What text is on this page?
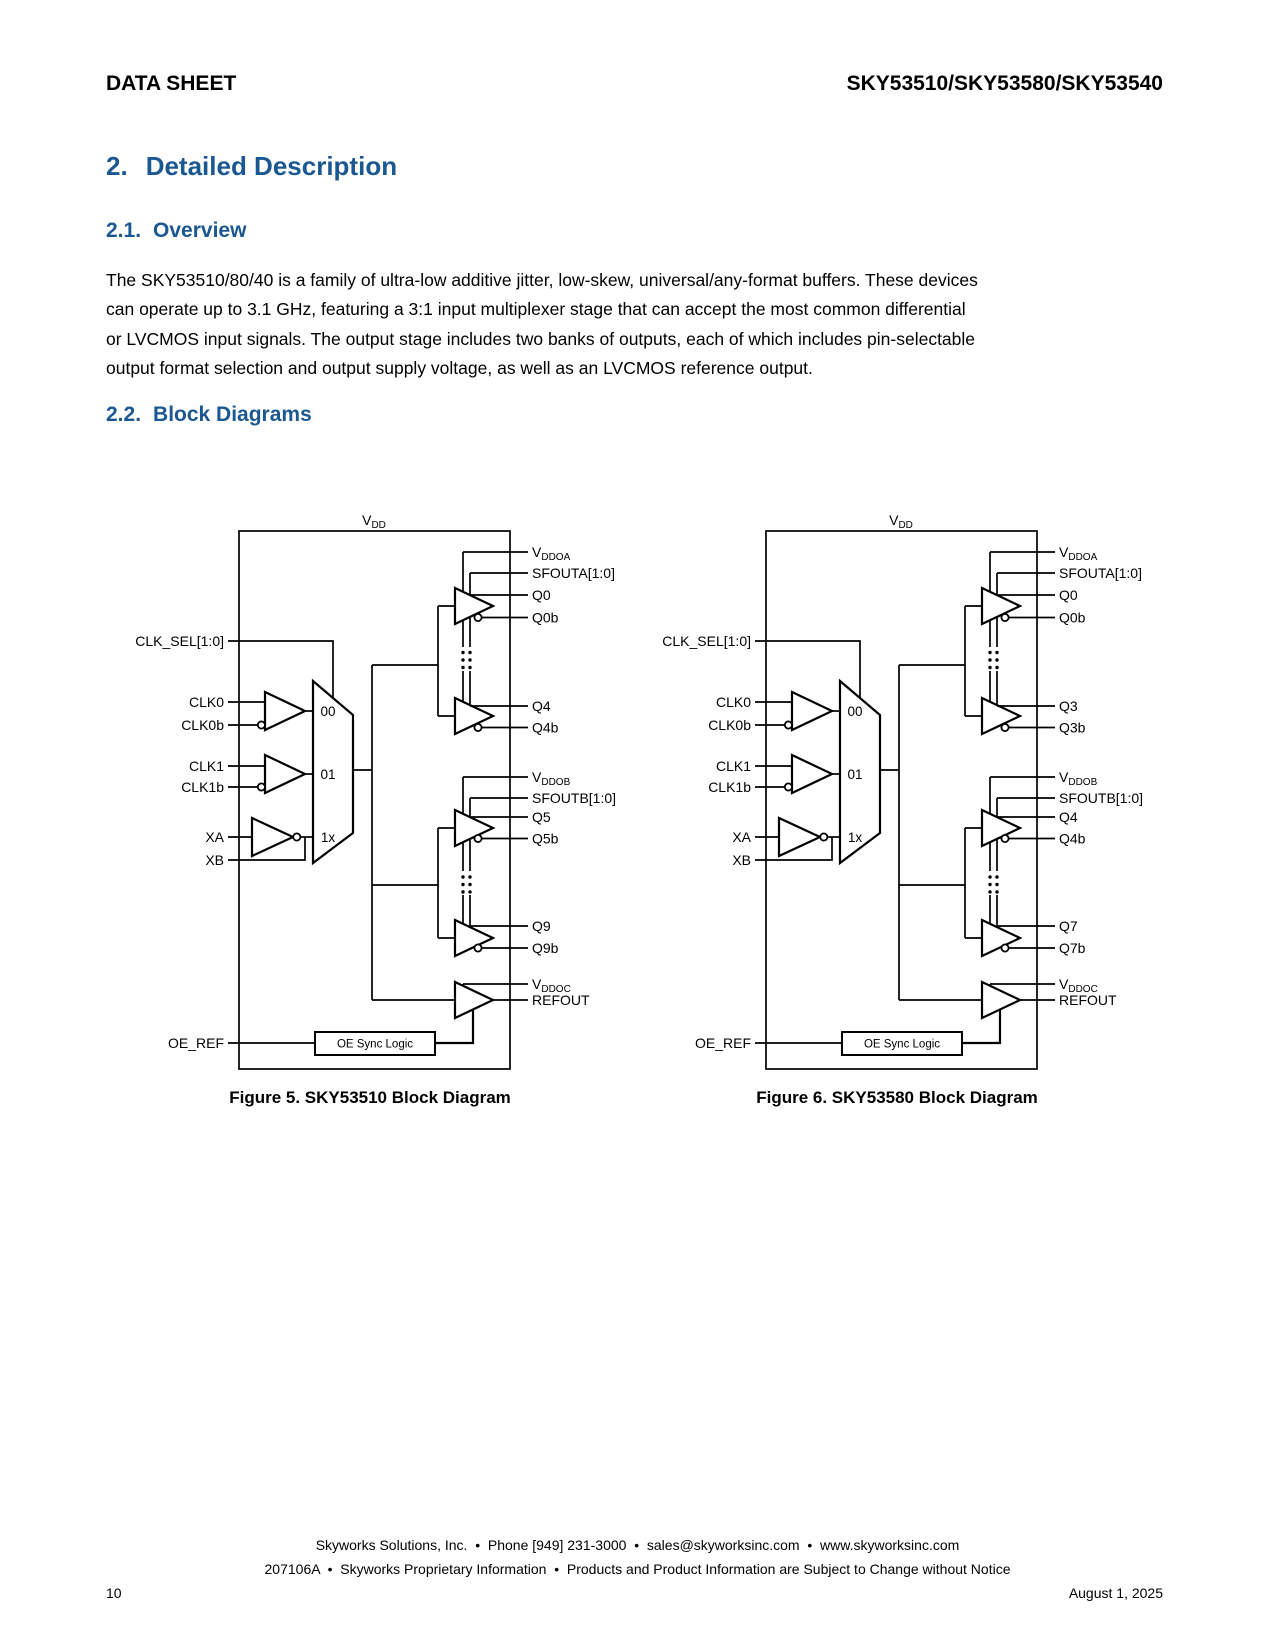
DATA SHEET	SKY53510/SKY53580/SKY53540
2. Detailed Description
2.1. Overview
The SKY53510/80/40 is a family of ultra-low additive jitter, low-skew, universal/any-format buffers. These devices
can operate up to 3.1 GHz, featuring a 3:1 input multiplexer stage that can accept the most common differential
or LVCMOS input signals. The output stage includes two banks of outputs, each of which includes pin-selectable
output format selection and output supply voltage, as well as an LVCMOS reference output.
2.2. Block Diagrams
$V_{DD}$
CLK_SEL[1:0]
CLK0
CLK0b
CLK1
CLK1b
XA
XB
00
01
1x
$V_{DDOA}$
SFOUTA[1:0]
Q0
Q0b
Q4
Q4b
$V_{DDOB}$
SFOUTB[1:0]
Q5
Q5b
Q9
Q9b
$V_{DDOC}$
REFOUT
OE Sync Logic
OE_REF
$V_{DD}$
CLK_SEL[1:0]
CLK0
CLK0b
CLK1
CLK1b
XA
XB
00
01
1x
$V_{DDOA}$
SFOUTA[1:0]
Q0
Q0b
Q3
Q3b
$V_{DDOB}$
SFOUTB[1:0]
Q4
Q4b
Q7
Q7b
$V_{DDOC}$
REFOUT
OE Sync Logic
OE_REF
Figure 5. SKY53510 Block Diagram	Figure 6. SKY53580 Block Diagram
Skyworks Solutions, Inc.  •  Phone [949] 231-3000  •  sales@skyworksinc.com  •  www.skyworksinc.com
207106A  •  Skyworks Proprietary Information  •  Products and Product Information are Subject to Change without Notice
10	August 1, 2025
